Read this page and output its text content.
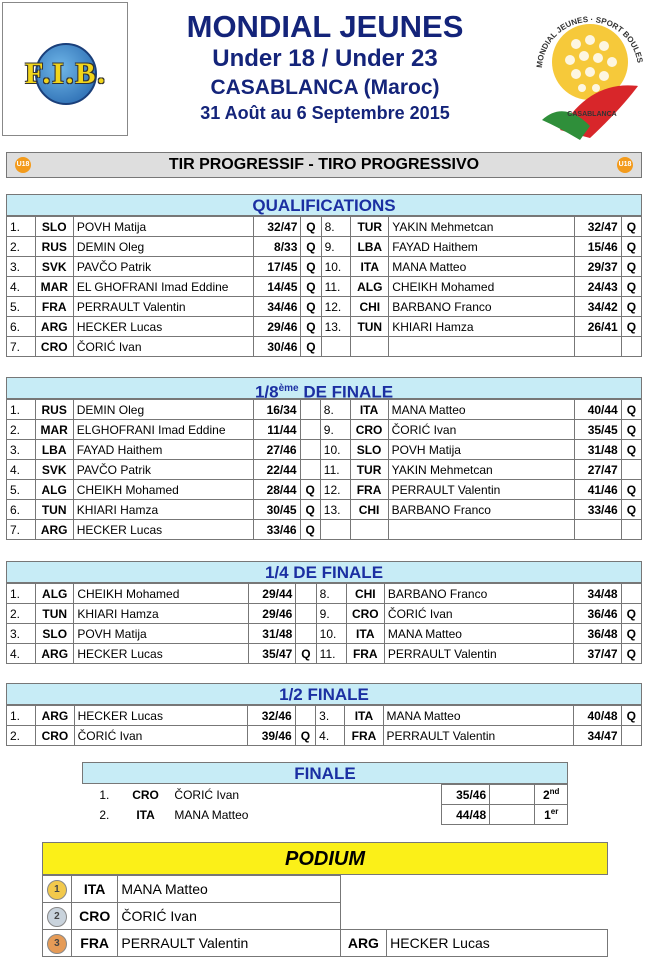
F.I.B.
MONDIAL JEUNES
Under 18 / Under 23
CASABLANCA (Maroc)
31 Août au 6 Septembre 2015
MONDIAL JEUNES · SPORT BOULES
CASABLANCA
U18	TIR PROGRESSIF - TIRO PROGRESSIVO	U18
QUALIFICATIONS
1.	SLO	POVH Matija	32/47	Q	8.	TUR	YAKIN Mehmetcan	32/47	Q
2.	RUS	DEMIN Oleg	8/33	Q	9.	LBA	FAYAD Haithem	15/46	Q
3.	SVK	PAVČO Patrik	17/45	Q	10.	ITA	MANA Matteo	29/37	Q
4.	MAR	EL GHOFRANI Imad Eddine	14/45	Q	11.	ALG	CHEIKH Mohamed	24/43	Q
5.	FRA	PERRAULT Valentin	34/46	Q	12.	CHI	BARBANO Franco	34/42	Q
6.	ARG	HECKER Lucas	29/46	Q	13.	TUN	KHIARI Hamza	26/41	Q
7.	CRO	ČORIĆ Ivan	30/46	Q					
1/8ème DE FINALE
1.	RUS	DEMIN Oleg	16/34		8.	ITA	MANA Matteo	40/44	Q
2.	MAR	ELGHOFRANI Imad Eddine	11/44		9.	CRO	ČORIĆ Ivan	35/45	Q
3.	LBA	FAYAD Haithem	27/46		10.	SLO	POVH Matija	31/48	Q
4.	SVK	PAVČO Patrik	22/44		11.	TUR	YAKIN Mehmetcan	27/47	
5.	ALG	CHEIKH Mohamed	28/44	Q	12.	FRA	PERRAULT Valentin	41/46	Q
6.	TUN	KHIARI Hamza	30/45	Q	13.	CHI	BARBANO Franco	33/46	Q
7.	ARG	HECKER Lucas	33/46	Q					
1/4 DE FINALE
1.	ALG	CHEIKH Mohamed	29/44		8.	CHI	BARBANO Franco	34/48	
2.	TUN	KHIARI Hamza	29/46		9.	CRO	ČORIĆ Ivan	36/46	Q
3.	SLO	POVH Matija	31/48		10.	ITA	MANA Matteo	36/48	Q
4.	ARG	HECKER Lucas	35/47	Q	11.	FRA	PERRAULT Valentin	37/47	Q
1/2 FINALE
1.	ARG	HECKER Lucas	32/46		3.	ITA	MANA Matteo	40/48	Q
2.	CRO	ČORIĆ Ivan	39/46	Q	4.	FRA	PERRAULT Valentin	34/47	
FINALE
1.	CRO	ČORIĆ Ivan	35/46		2nd
2.	ITA	MANA Matteo	44/48		1er
PODIUM
1	ITA	MANA Matteo		
2	CRO	ČORIĆ Ivan		
3	FRA	PERRAULT Valentin	ARG	HECKER Lucas
